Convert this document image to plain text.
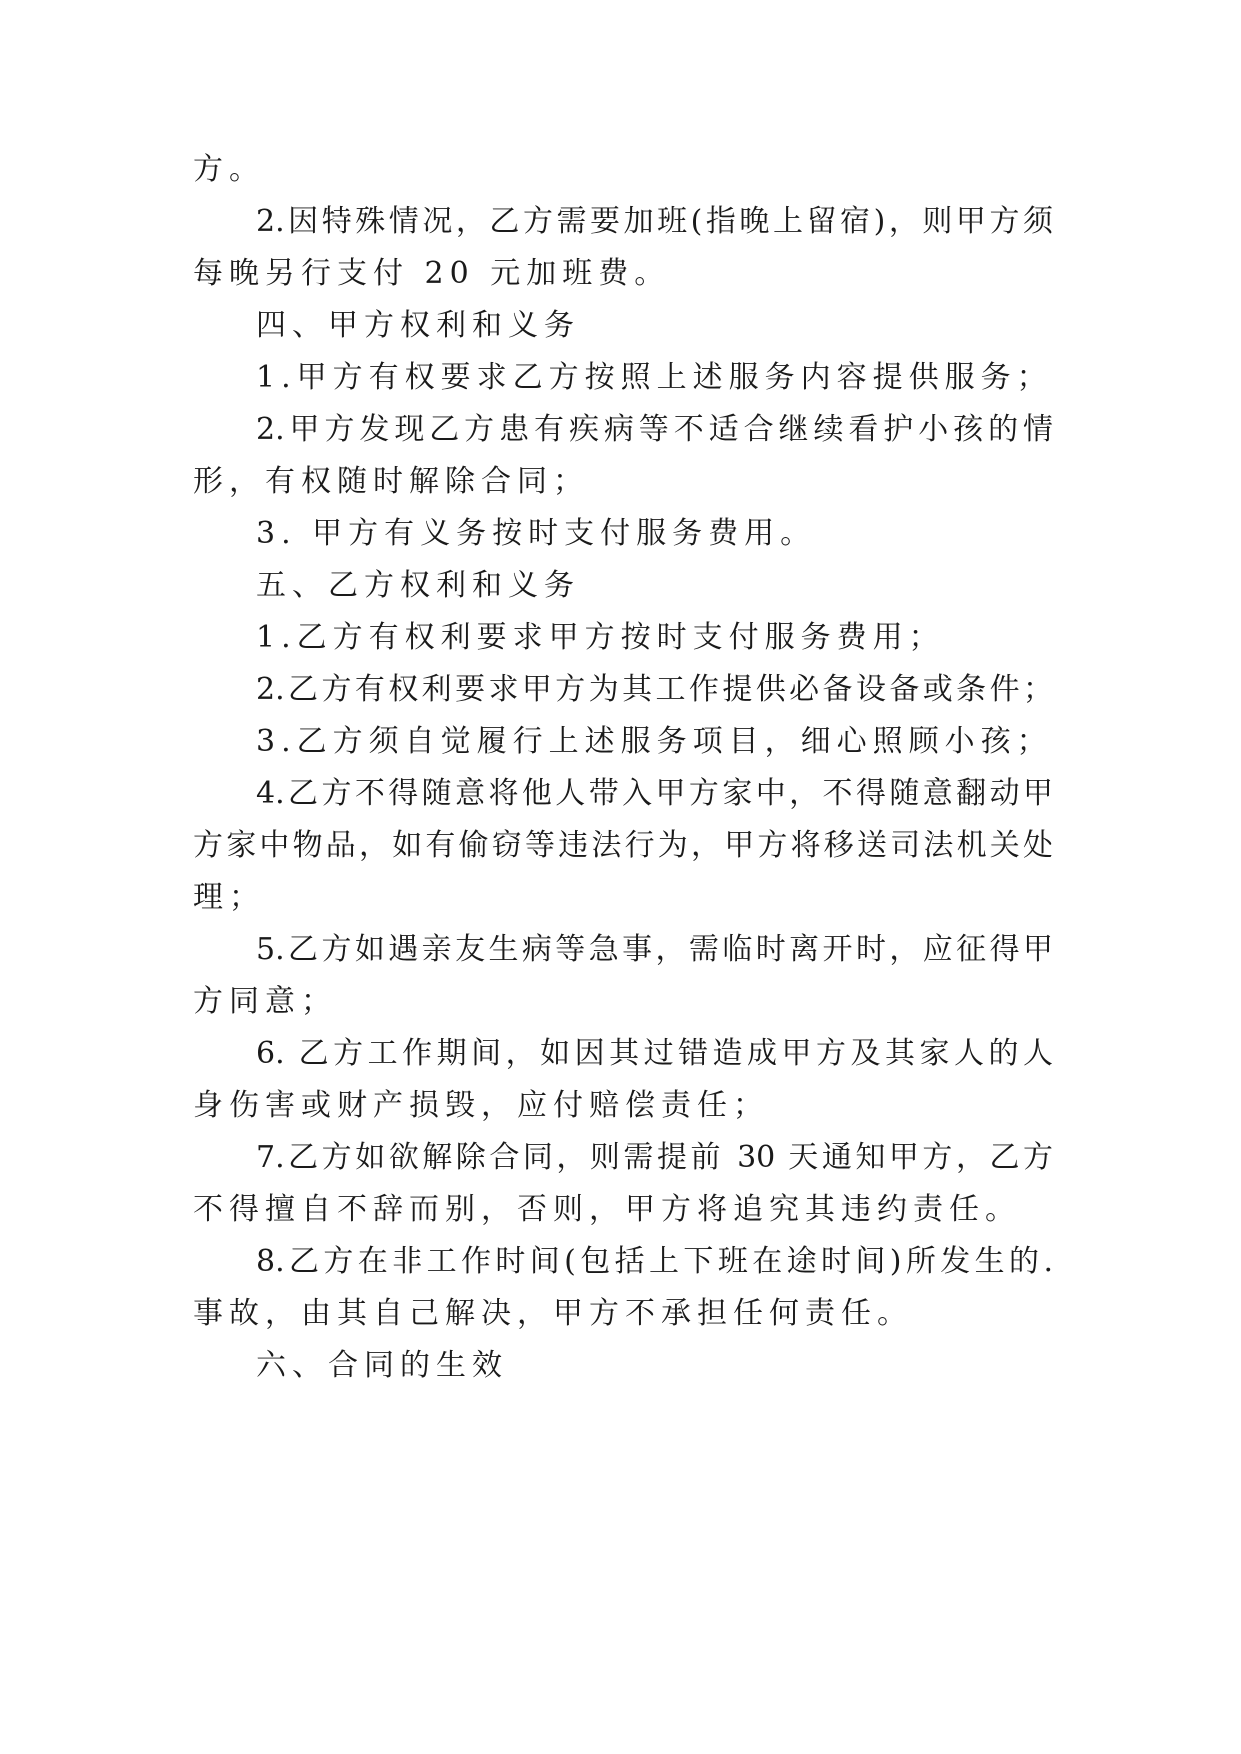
方。
2.因特殊情况，乙方需要加班(指晚上留宿)，则甲方须
每晚另行支付 20 元加班费。
四、甲方权利和义务
1.甲方有权要求乙方按照上述服务内容提供服务；
2.甲方发现乙方患有疾病等不适合继续看护小孩的情
形，有权随时解除合同；
3. 甲方有义务按时支付服务费用。
五、乙方权利和义务
1.乙方有权利要求甲方按时支付服务费用；
2.乙方有权利要求甲方为其工作提供必备设备或条件；
3.乙方须自觉履行上述服务项目，细心照顾小孩；
4.乙方不得随意将他人带入甲方家中，不得随意翻动甲
方家中物品，如有偷窃等违法行为，甲方将移送司法机关处
理；
5.乙方如遇亲友生病等急事，需临时离开时，应征得甲
方同意；
6. 乙方工作期间，如因其过错造成甲方及其家人的人
身伤害或财产损毁，应付赔偿责任；
7.乙方如欲解除合同，则需提前 30 天通知甲方，乙方
不得擅自不辞而别，否则，甲方将追究其违约责任。
8.乙方在非工作时间(包括上下班在途时间)所发生的.
事故，由其自己解决，甲方不承担任何责任。
六、合同的生效
